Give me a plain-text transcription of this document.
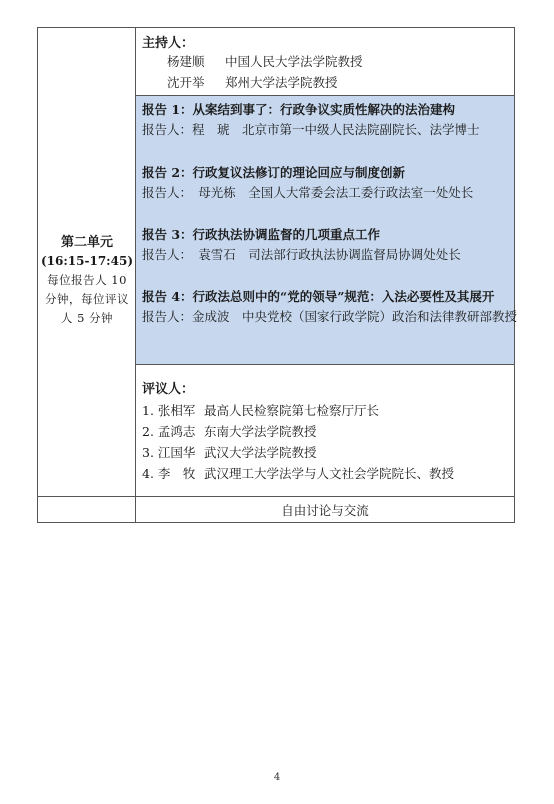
第二单元
(16:15-17:45)
每位报告人 10 分钟，每位评议人 5 分钟
主持人：
杨建顺 中国人民大学法学院教授
沈开举 郑州大学法学院教授
报告 1：从案结到事了：行政争议实质性解决的法治建构
报告人：程　琥　北京市第一中级人民法院副院长、法学博士
报告 2：行政复议法修订的理论回应与制度创新
报告人：　母光栋　全国人大常委会法工委行政法室一处处长
报告 3：行政执法协调监督的几项重点工作
报告人：　袁雪石　司法部行政执法协调监督局协调处处长
报告 4：行政法总则中的“党的领导”规范：入法必要性及其展开
报告人：金成波　中央党校（国家行政学院）政治和法律教研部教授
评议人：
1. 张相军 最高人民检察院第七检察厅厅长
2. 孟鸿志 东南大学法学院教授
3. 江国华 武汉大学法学院教授
4. 李　牧 武汉理工大学法学与人文社会学院院长、教授
自由讨论与交流
4
